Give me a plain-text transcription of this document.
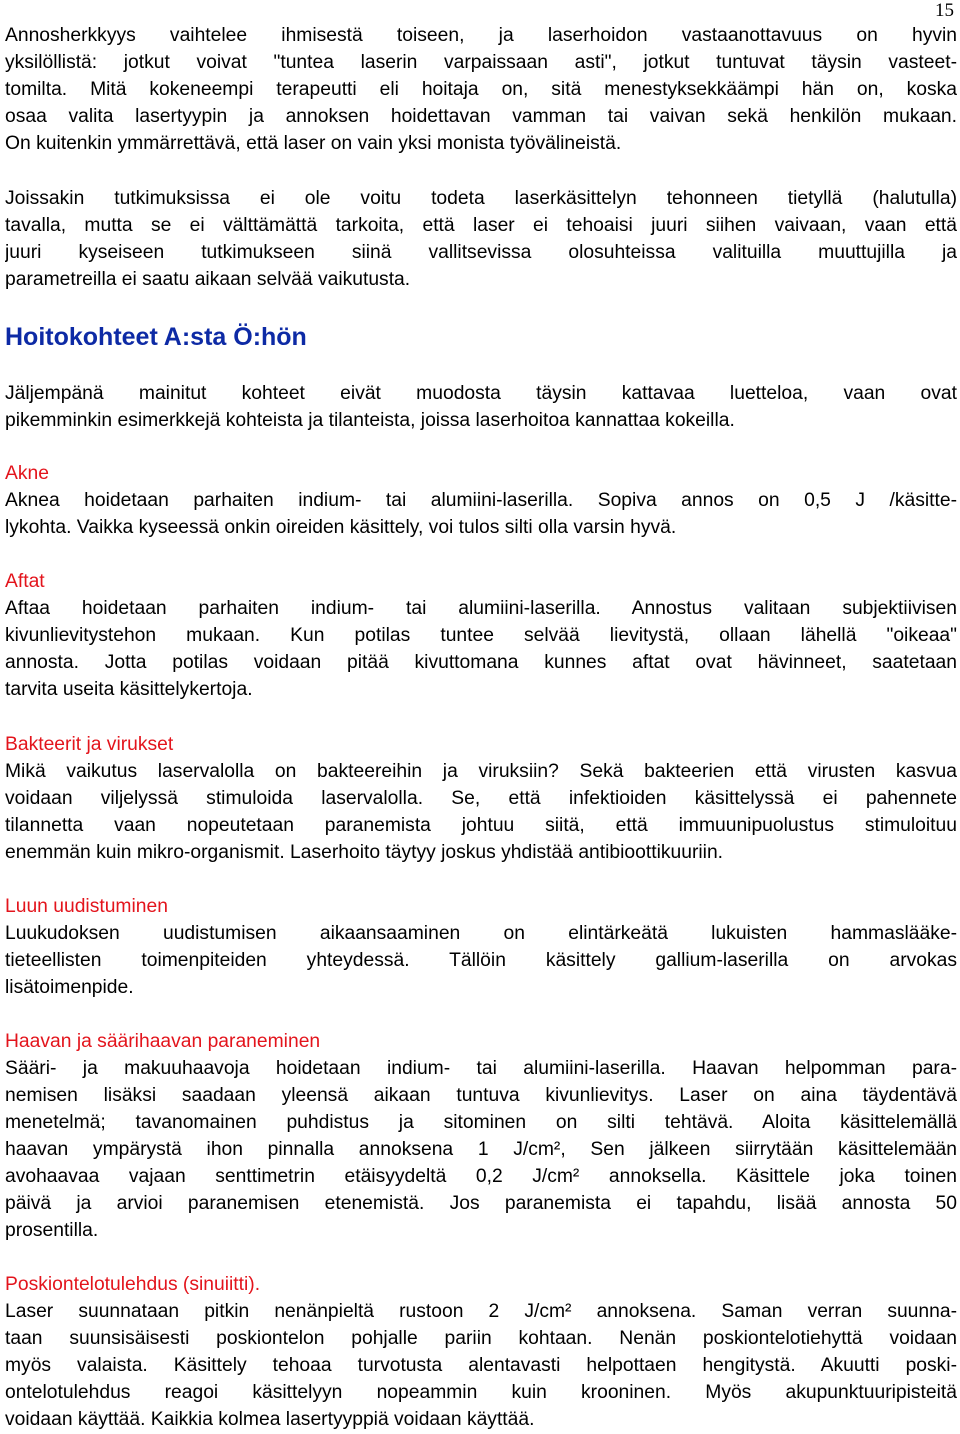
15
Annosherkkyys vaihtelee ihmisestä toiseen, ja laserhoidon vastaanottavuus on hyvin
yksilöllistä: jotkut voivat "tuntea laserin varpaissaan asti", jotkut tuntuvat täysin vasteet-
tomilta. Mitä kokeneempi terapeutti eli hoitaja on, sitä menestyksekkäämpi hän on, koska
osaa valita lasertyypin ja annoksen hoidettavan vamman tai vaivan sekä henkilön mukaan.
On kuitenkin ymmärrettävä, että laser on vain yksi monista työvälineistä.
Joissakin tutkimuksissa ei ole voitu todeta laserkäsittelyn tehonneen tietyllä (halutulla)
tavalla, mutta se ei välttämättä tarkoita, että laser ei tehoaisi juuri siihen vaivaan, vaan että
juuri kyseiseen tutkimukseen siinä vallitsevissa olosuhteissa valituilla muuttujilla ja
parametreilla ei saatu aikaan selvää vaikutusta.
Hoitokohteet A:sta Ö:hön
Jäljempänä mainitut kohteet eivät muodosta täysin kattavaa luetteloa, vaan ovat
pikemminkin esimerkkejä kohteista ja tilanteista, joissa laserhoitoa kannattaa kokeilla.
Akne
Aknea hoidetaan parhaiten indium- tai alumiini-laserilla. Sopiva annos on 0,5 J /käsitte-
lykohta. Vaikka kyseessä onkin oireiden käsittely, voi tulos silti olla varsin hyvä.
Aftat
Aftaa hoidetaan parhaiten indium- tai alumiini-laserilla. Annostus valitaan subjektiivisen
kivunlievitystehon mukaan. Kun potilas tuntee selvää lievitystä, ollaan lähellä "oikeaa"
annosta. Jotta potilas voidaan pitää kivuttomana kunnes aftat ovat hävinneet, saatetaan
tarvita useita käsittelykertoja.
Bakteerit ja virukset
Mikä vaikutus laservalolla on bakteereihin ja viruksiin? Sekä bakteerien että virusten kasvua
voidaan viljelyssä stimuloida laservalolla. Se, että infektioiden käsittelyssä ei pahennete
tilannetta vaan nopeutetaan paranemista johtuu siitä, että immuunipuolustus stimuloituu
enemmän kuin mikro-organismit. Laserhoito täytyy joskus yhdistää antibioottikuuriin.
Luun uudistuminen
Luukudoksen uudistumisen aikaansaaminen on elintärkeätä lukuisten hammaslääke-
tieteellisten toimenpiteiden yhteydessä. Tällöin käsittely gallium-laserilla on arvokas
lisätoimenpide.
Haavan ja säärihaavan paraneminen
Sääri- ja makuuhaavoja hoidetaan indium- tai alumiini-laserilla. Haavan helpomman para-
nemisen lisäksi saadaan yleensä aikaan tuntuva kivunlievitys. Laser on aina täydentävä
menetelmä; tavanomainen puhdistus ja sitominen on silti tehtävä. Aloita käsittelemällä
haavan ympärystä ihon pinnalla annoksena 1 J/cm², Sen jälkeen siirrytään käsittelemään
avohaavaa vajaan senttimetrin etäisyydeltä 0,2 J/cm² annoksella. Käsittele joka toinen
päivä ja arvioi paranemisen etenemistä. Jos paranemista ei tapahdu, lisää annosta 50
prosentilla.
Poskiontelotulehdus (sinuiitti).
Laser suunnataan pitkin nenänpieltä rustoon 2 J/cm² annoksena. Saman verran suunna-
taan suunsisäisesti poskiontelon pohjalle pariin kohtaan. Nenän poskiontelotiehyttä voidaan
myös valaista. Käsittely tehoaa turvotusta alentavasti helpottaen hengitystä. Akuutti poski-
ontelotulehdus reagoi käsittelyyn nopeammin kuin krooninen. Myös akupunktuuripisteitä
voidaan käyttää. Kaikkia kolmea lasertyyppiä voidaan käyttää.
